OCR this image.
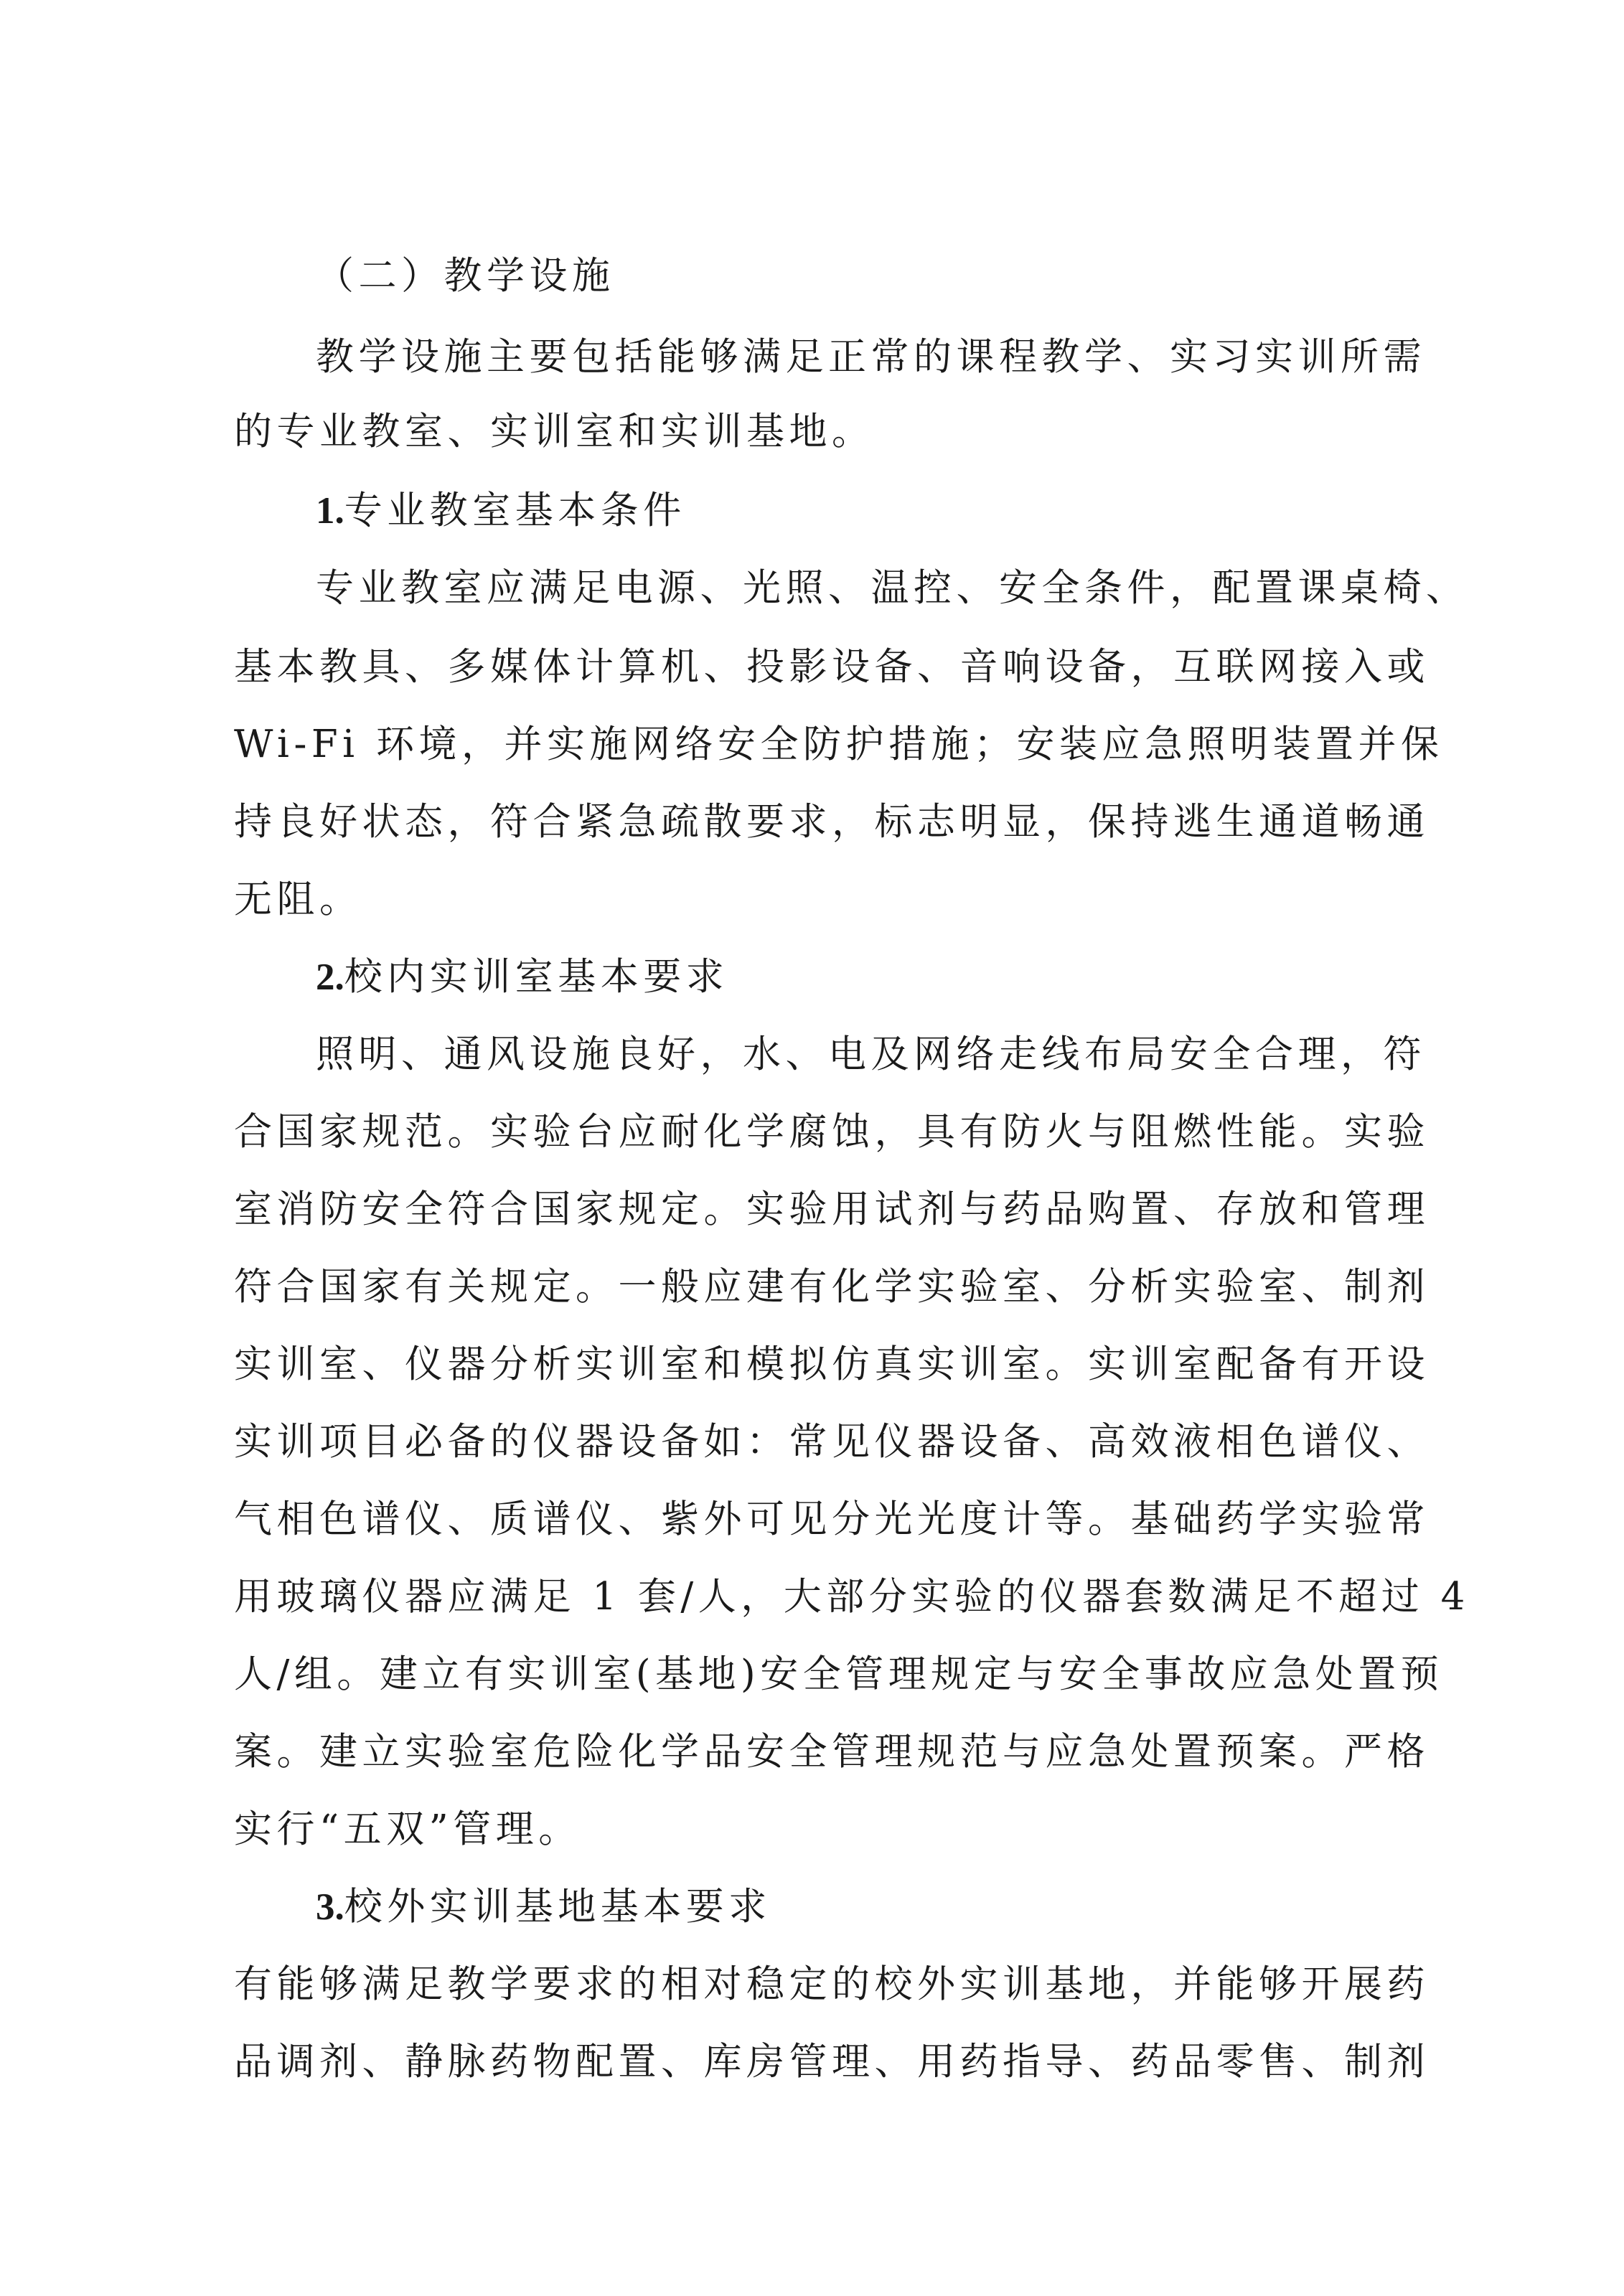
（二）教学设施
教学设施主要包括能够满足正常的课程教学、实习实训所需
的专业教室、实训室和实训基地。
1.专业教室基本条件
专业教室应满足电源、光照、温控、安全条件，配置课桌椅、
基本教具、多媒体计算机、投影设备、音响设备，互联网接入或
Wi-Fi 环境，并实施网络安全防护措施；安装应急照明装置并保
持良好状态，符合紧急疏散要求，标志明显，保持逃生通道畅通
无阻。
2.校内实训室基本要求
照明、通风设施良好，水、电及网络走线布局安全合理，符
合国家规范。实验台应耐化学腐蚀，具有防火与阻燃性能。实验
室消防安全符合国家规定。实验用试剂与药品购置、存放和管理
符合国家有关规定。一般应建有化学实验室、分析实验室、制剂
实训室、仪器分析实训室和模拟仿真实训室。实训室配备有开设
实训项目必备的仪器设备如：常见仪器设备、高效液相色谱仪、
气相色谱仪、质谱仪、紫外可见分光光度计等。基础药学实验常
用玻璃仪器应满足 1 套/人，大部分实验的仪器套数满足不超过 4
人/组。建立有实训室(基地)安全管理规定与安全事故应急处置预
案。建立实验室危险化学品安全管理规范与应急处置预案。严格
实行“五双”管理。
3.校外实训基地基本要求
有能够满足教学要求的相对稳定的校外实训基地，并能够开展药
品调剂、静脉药物配置、库房管理、用药指导、药品零售、制剂
